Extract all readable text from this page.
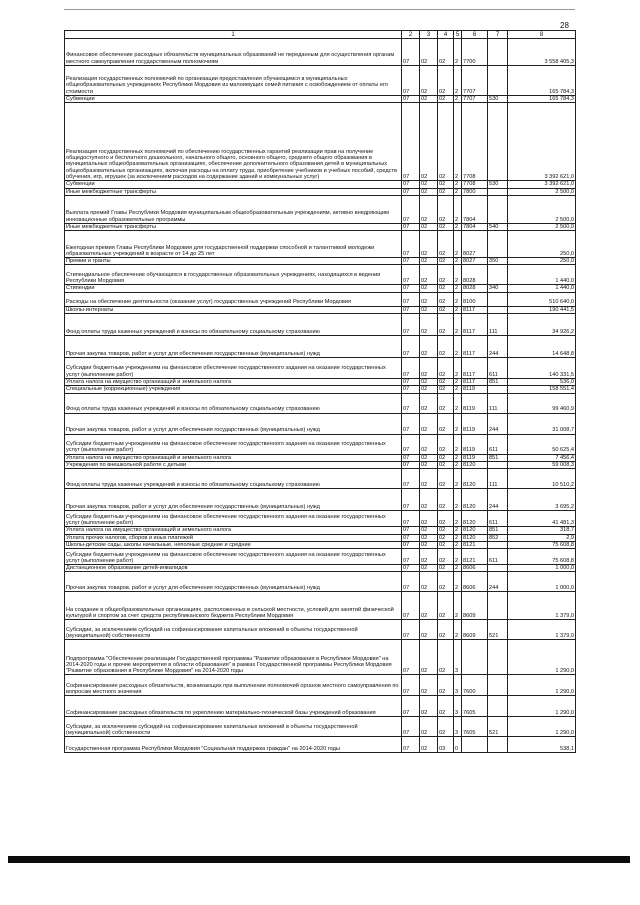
28
1	2	3	4	5	6	7	8
Финансовое обеспечение расходных обязательств муниципальных образований не переданным для осуществления органам местного самоуправления государственным полномочиям	07	02	02	2	7700		3 558 405,3
Реализация государственных полномочий по организации предоставления обучающимся в муниципальных общеобразовательных учреждениях Республики Мордовия из малоимущих семей питания с освобождением от оплаты его стоимости	07	02	02	2	7707		165 784,3
Субвенции	07	02	02	2	7707	530	165 784,3
Реализация государственных полномочий по обеспечению государственных гарантий реализации прав на получение общедоступного и бесплатного дошкольного, начального общего, основного общего, среднего общего образования в муниципальных общеобразовательных организациях, обеспечение дополнительного образования детей в муниципальных общеобразовательных организациях, включая расходы на оплату труда, приобретение учебников и учебных пособий, средств обучения, игр, игрушек (за исключением расходов на содержание зданий и коммунальных услуг)	07	02	02	2	7708		3 392 621,0
Субвенции	07	02	02	2	7708	530	3 392 621,0
Иные межбюджетные трансферты	07	02	02	2	7800		2 500,0
Выплата премий Главы Республики Мордовия муниципальным общеобразовательным учреждениям, активно внедряющим инновационные образовательные программы	07	02	02	2	7804		2 500,0
Иные межбюджетные трансферты	07	02	02	2	7804	540	2 500,0
Ежегодная премия Главы Республики Мордовия для государственной поддержки способной и талантливой молодежи образовательных учреждений в возрасте от 14 до 25 лет	07	02	02	2	8027		250,0
Премии и гранты	07	02	02	2	8027	350	250,0
Стипендиальное обеспечение обучающихся в государственных образовательных учреждениях, находящихся в ведении Республики Мордовия	07	02	02	2	8028		1 440,0
Стипендии	07	02	02	2	8028	340	1 440,0
Расходы на обеспечение деятельности (оказание услуг) государственных учреждений Республики Мордовия	07	02	02	2	8100		510 640,0
Школы-интернаты	07	02	02	2	8117		190 441,5
Фонд оплаты труда казенных учреждений и взносы по обязательному социальному страхованию	07	02	02	2	8117	111	34 926,2
Прочая закупка товаров, работ и услуг для обеспечения государственных (муниципальных) нужд	07	02	02	2	8117	244	14 648,8
Субсидии бюджетным учреждениям на финансовое обеспечение государственного задания на оказание государственных услуг (выполнение работ)	07	02	02	2	8117	611	140 331,5
Уплата налога на имущество организаций и земельного налога	07	02	02	2	8117	851	536,0
Специальные (коррекционные) учреждения	07	02	02	2	8119		158 551,4
Фонд оплаты труда казенных учреждений и взносы по обязательному социальному страхованию	07	02	02	2	8119	111	99 460,9
Прочая закупка товаров, работ и услуг для обеспечения государственных (муниципальных) нужд	07	02	02	2	8119	244	31 008,7
Субсидии бюджетным учреждениям на финансовое обеспечение государственного задания на оказание государственных услуг (выполнение работ)	07	02	02	2	8119	611	50 625,4
Уплата налога на имущество организаций и земельного налога	07	02	02	2	8119	851	7 456,4
Учреждения по внешкольной работе с детьми	07	02	02	2	8120		59 008,3
Фонд оплаты труда казенных учреждений и взносы по обязательному социальному страхованию	07	02	02	2	8120	111	10 510,2
Прочая закупка товаров, работ и услуг для обеспечения государственных (муниципальных) нужд	07	02	02	2	8120	244	3 695,2
Субсидии бюджетным учреждениям на финансовое обеспечение государственного задания на оказание государственных услуг (выполнение работ)	07	02	02	2	8120	611	41 481,3
Уплата налога на имущество организаций и земельного налога	07	02	02	2	8120	851	318,7
Уплата прочих налогов, сборов и иных платежей	07	02	02	2	8120	852	2,9
Школы-детские сады, школы начальные, неполные средние и средние	07	02	02	2	8121		75 608,8
Субсидии бюджетным учреждениям на финансовое обеспечение государственного задания на оказание государственных услуг (выполнение работ)	07	02	02	2	8121	611	75 608,8
Дистанционное образование детей-инвалидов	07	02	02	2	8606		1 000,0
Прочая закупка товаров, работ и услуг для обеспечения государственных (муниципальных) нужд	07	02	02	2	8606	244	1 000,0
На создание в общеобразовательных организациях, расположенных в сельской местности, условий для занятий физической культурой и спортом за счет средств республиканского бюджета Республики Мордовия	07	02	02	2	8609		1 379,0
Субсидии, за исключением субсидий на софинансирование капитальных вложений в объекты государственной (муниципальной) собственности	07	02	02	2	8609	521	1 379,0
Подпрограмма "Обеспечение реализации Государственной программы "Развитие образования в Республике Мордовия" на 2014-2020 годы и прочие мероприятия в области образования" в рамках Государственной программы Республики Мордовия "Развитие образования в Республике Мордовия" на 2014-2020 годы	07	02	02	3			1 290,0
Софинансирование расходных обязательств, возникающих при выполнении полномочий органов местного самоуправления по вопросам местного значения	07	02	02	3	7600		1 290,0
Софинансирование расходных обязательств по укреплению материально-технической базы учреждений образования	07	02	02	3	7605		1 290,0
Субсидии, за исключением субсидий на софинансирование капитальных вложений в объекты государственной (муниципальной) собственности	07	02	02	3	7605	521	1 290,0
Государственная программа Республики Мордовия "Социальная поддержка граждан" на 2014-2020 годы	07	02	03	0			538,1
